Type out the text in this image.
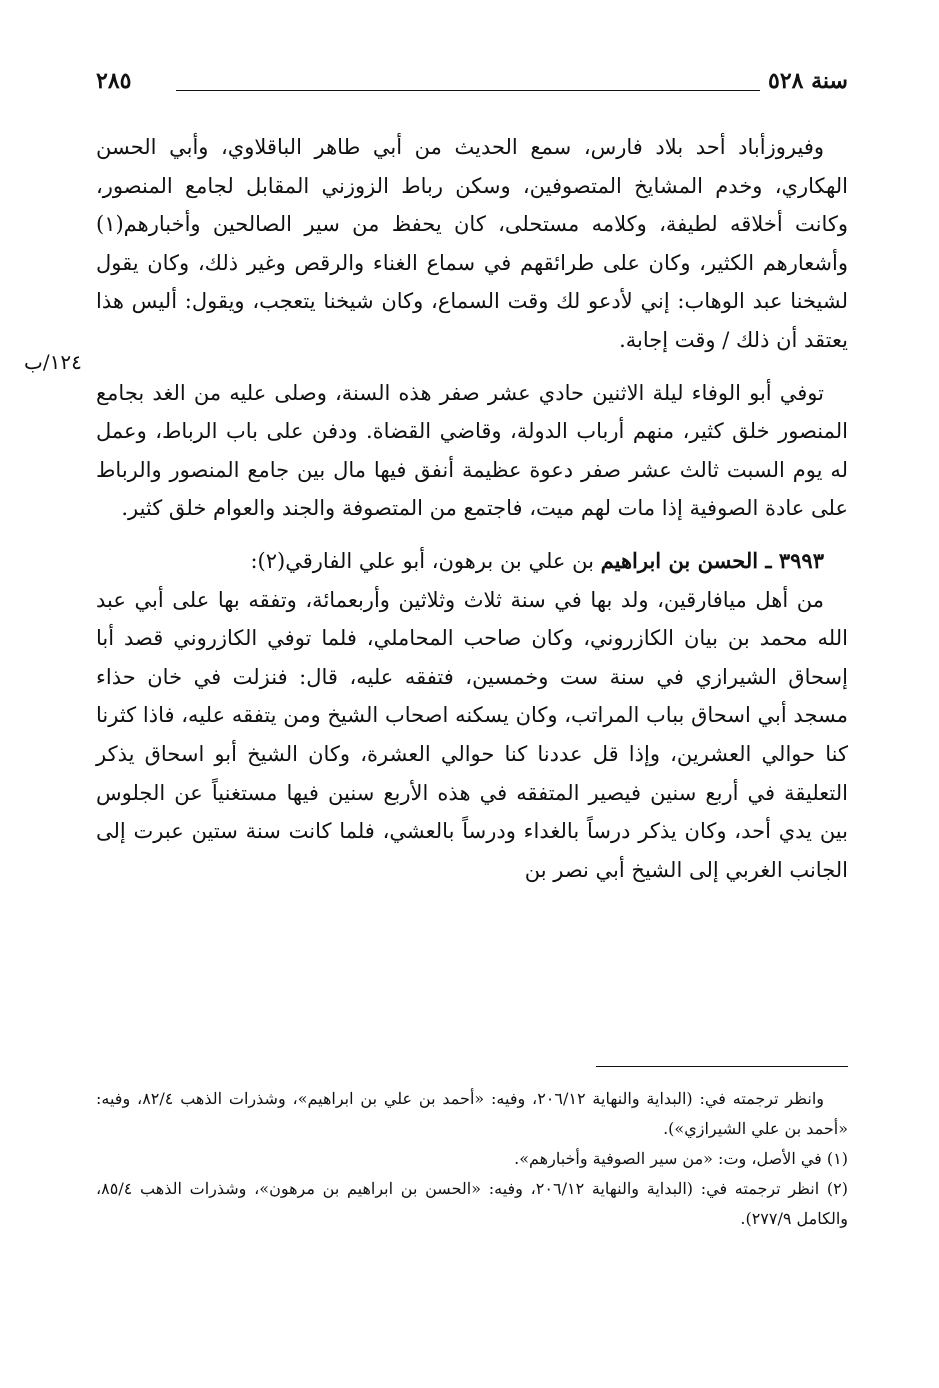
سنة ٥٢٨
٢٨٥
١٢٤/ب

وفيروزأباد أحد بلاد فارس، سمع الحديث من أبي طاهر الباقلاوي، وأبي الحسن الهكاري، وخدم المشايخ المتصوفين، وسكن رباط الزوزني المقابل لجامع المنصور، وكانت أخلاقه لطيفة، وكلامه مستحلى، كان يحفظ من سير الصالحين وأخبارهم(١) وأشعارهم الكثير، وكان على طرائقهم في سماع الغناء والرقص وغير ذلك، وكان يقول لشيخنا عبد الوهاب: إني لأدعو لك وقت السماع، وكان شيخنا يتعجب، ويقول: أليس هذا يعتقد أن ذلك / وقت إجابة.

توفي أبو الوفاء ليلة الاثنين حادي عشر صفر هذه السنة، وصلى عليه من الغد بجامع المنصور خلق كثير، منهم أرباب الدولة، وقاضي القضاة. ودفن على باب الرباط، وعمل له يوم السبت ثالث عشر صفر دعوة عظيمة أنفق فيها مال بين جامع المنصور والرباط على عادة الصوفية إذا مات لهم ميت، فاجتمع من المتصوفة والجند والعوام خلق كثير.

٣٩٩٣ ـ الحسن بن ابراهيم بن علي بن برهون، أبو علي الفارقي(٢):

من أهل ميافارقين، ولد بها في سنة ثلاث وثلاثين وأربعمائة، وتفقه بها على أبي عبد الله محمد بن بيان الكازروني، وكان صاحب المحاملي، فلما توفي الكازروني قصد أبا إسحاق الشيرازي في سنة ست وخمسين، فتفقه عليه، قال: فنزلت في خان حذاء مسجد أبي اسحاق بباب المراتب، وكان يسكنه اصحاب الشيخ ومن يتفقه عليه، فاذا كثرنا كنا حوالي العشرين، وإذا قل عددنا كنا حوالي العشرة، وكان الشيخ أبو اسحاق يذكر التعليقة في أربع سنين فيصير المتفقه في هذه الأربع سنين فيها مستغنياً عن الجلوس بين يدي أحد، وكان يذكر درساً بالغداء ودرساً بالعشي، فلما كانت سنة ستين عبرت إلى الجانب الغربي إلى الشيخ أبي نصر بن

وانظر ترجمته في: (البداية والنهاية ٢٠٦/١٢، وفيه: «أحمد بن علي بن ابراهيم»، وشذرات الذهب ٨٢/٤، وفيه: «أحمد بن علي الشيرازي»).

(١) في الأصل، وت: «من سير الصوفية وأخبارهم».

(٢) انظر ترجمته في: (البداية والنهاية ٢٠٦/١٢، وفيه: «الحسن بن ابراهيم بن مرهون»، وشذرات الذهب ٨٥/٤، والكامل ٢٧٧/٩).
